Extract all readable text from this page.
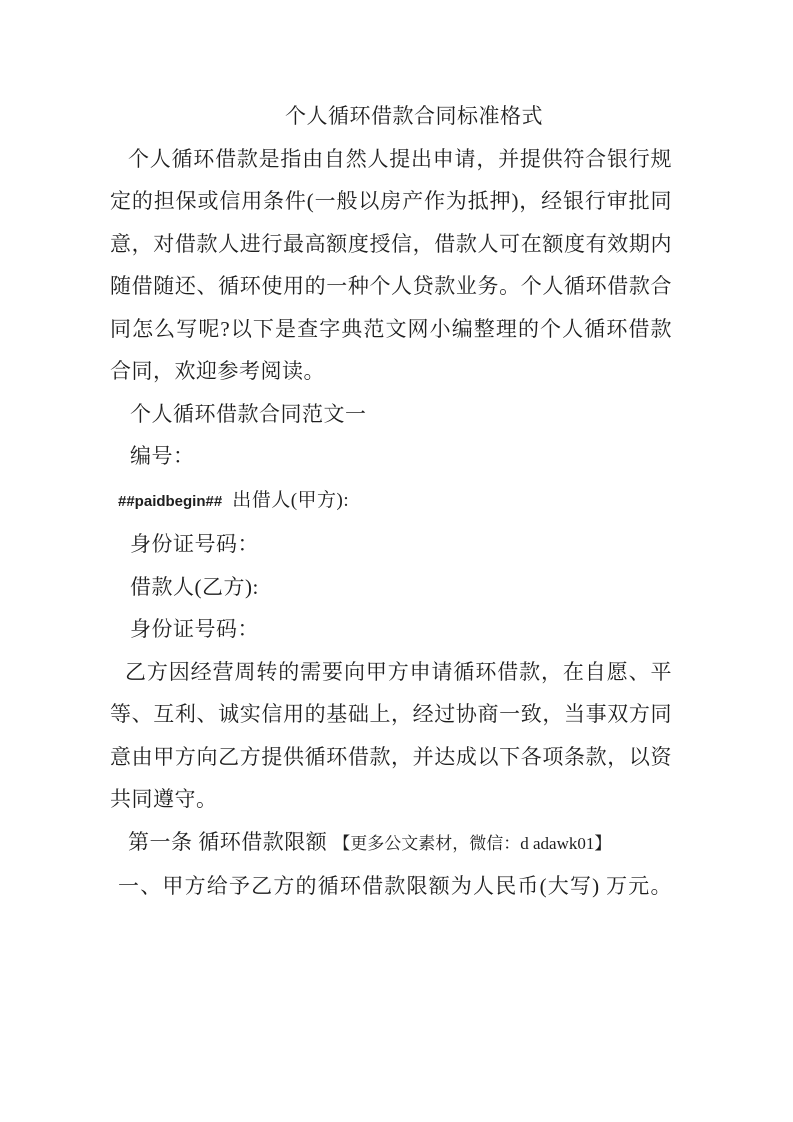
个人循环借款合同标准格式

个人循环借款是指由自然人提出申请，并提供符合银行规定的担保或信用条件(一般以房产作为抵押)，经银行审批同意，对借款人进行最高额度授信，借款人可在额度有效期内随借随还、循环使用的一种个人贷款业务。个人循环借款合同怎么写呢?以下是查字典范文网小编整理的个人循环借款合同，欢迎参考阅读。

个人循环借款合同范文一

编号：

##paidbegin## 出借人(甲方):

身份证号码：

借款人(乙方):

身份证号码：

乙方因经营周转的需要向甲方申请循环借款，在自愿、平等、互利、诚实信用的基础上，经过协商一致，当事双方同意由甲方向乙方提供循环借款，并达成以下各项条款，以资共同遵守。

第一条 循环借款限额 【更多公文素材，微信：d adawk01】

一、甲方给予乙方的循环借款限额为人民币(大写) 万元。
